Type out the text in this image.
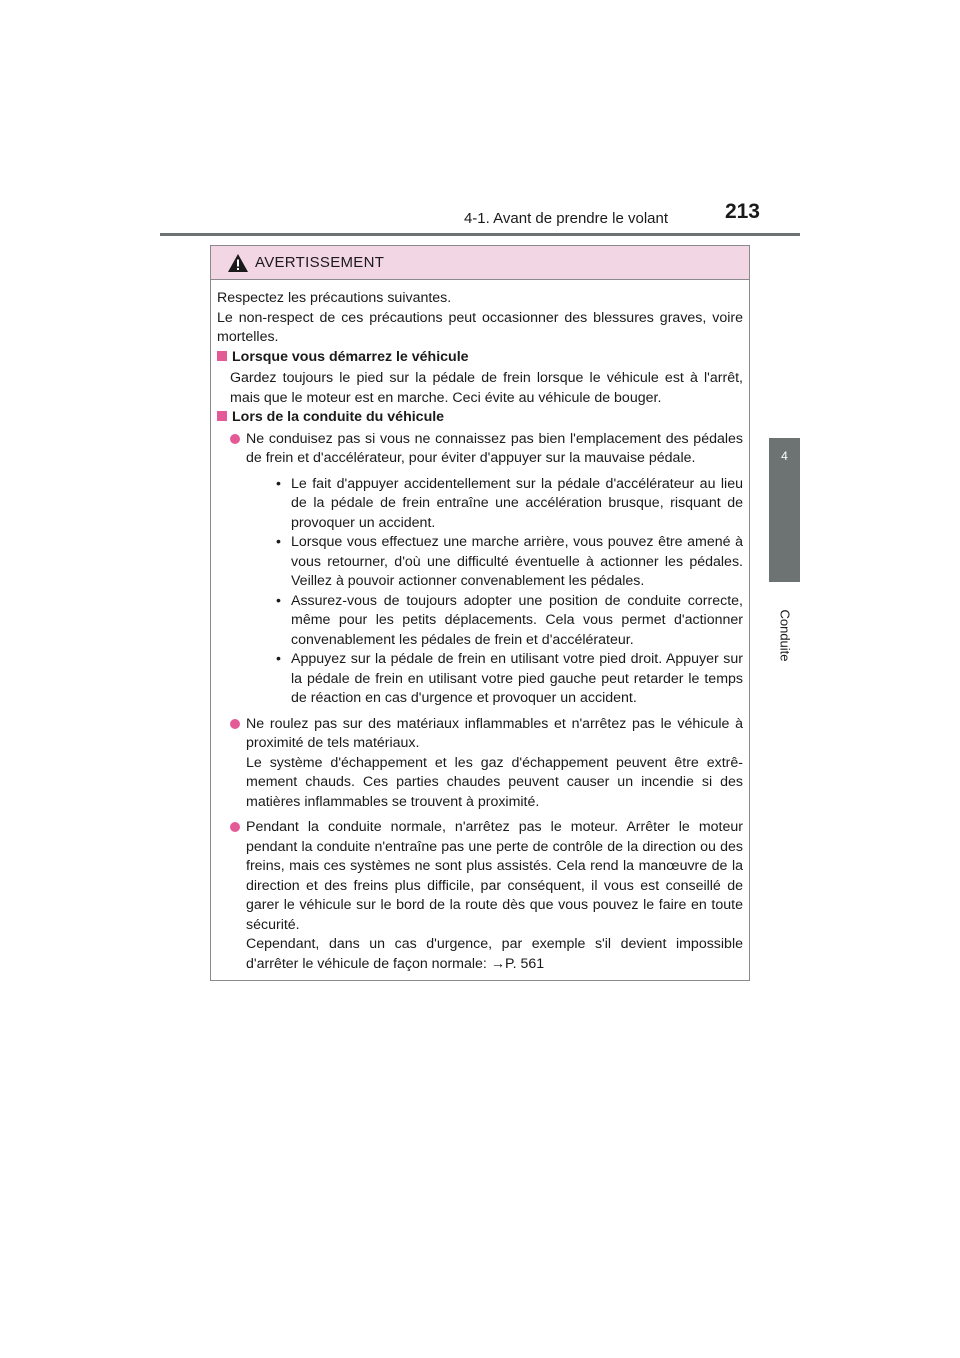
4-1. Avant de prendre le volant	213
4
Conduite
AVERTISSEMENT

Respectez les précautions suivantes.
Le non-respect de ces précautions peut occasionner des blessures graves, voire mortelles.

Lorsque vous démarrez le véhicule

Gardez toujours le pied sur la pédale de frein lorsque le véhicule est à l'arrêt, mais que le moteur est en marche. Ceci évite au véhicule de bouger.

Lors de la conduite du véhicule

Ne conduisez pas si vous ne connaissez pas bien l'emplacement des pédales de frein et d'accélérateur, pour éviter d'appuyer sur la mauvaise pédale.

• Le fait d'appuyer accidentellement sur la pédale d'accélérateur au lieu de la pédale de frein entraîne une accélération brusque, risquant de provoquer un accident.
• Lorsque vous effectuez une marche arrière, vous pouvez être amené à vous retourner, d'où une difficulté éventuelle à actionner les pédales. Veillez à pouvoir actionner convenablement les pédales.
• Assurez-vous de toujours adopter une position de conduite correcte, même pour les petits déplacements. Cela vous permet d'actionner convenablement les pédales de frein et d'accélérateur.
• Appuyez sur la pédale de frein en utilisant votre pied droit. Appuyer sur la pédale de frein en utilisant votre pied gauche peut retarder le temps de réaction en cas d'urgence et provoquer un accident.

Ne roulez pas sur des matériaux inflammables et n'arrêtez pas le véhicule à proximité de tels matériaux.
Le système d'échappement et les gaz d'échappement peuvent être extrê-mement chauds. Ces parties chaudes peuvent causer un incendie si des matières inflammables se trouvent à proximité.

Pendant la conduite normale, n'arrêtez pas le moteur. Arrêter le moteur pendant la conduite n'entraîne pas une perte de contrôle de la direction ou des freins, mais ces systèmes ne sont plus assistés. Cela rend la manœuvre de la direction et des freins plus difficile, par conséquent, il vous est conseillé de garer le véhicule sur le bord de la route dès que vous pouvez le faire en toute sécurité.
Cependant, dans un cas d'urgence, par exemple s'il devient impossible d'arrêter le véhicule de façon normale: →P. 561
